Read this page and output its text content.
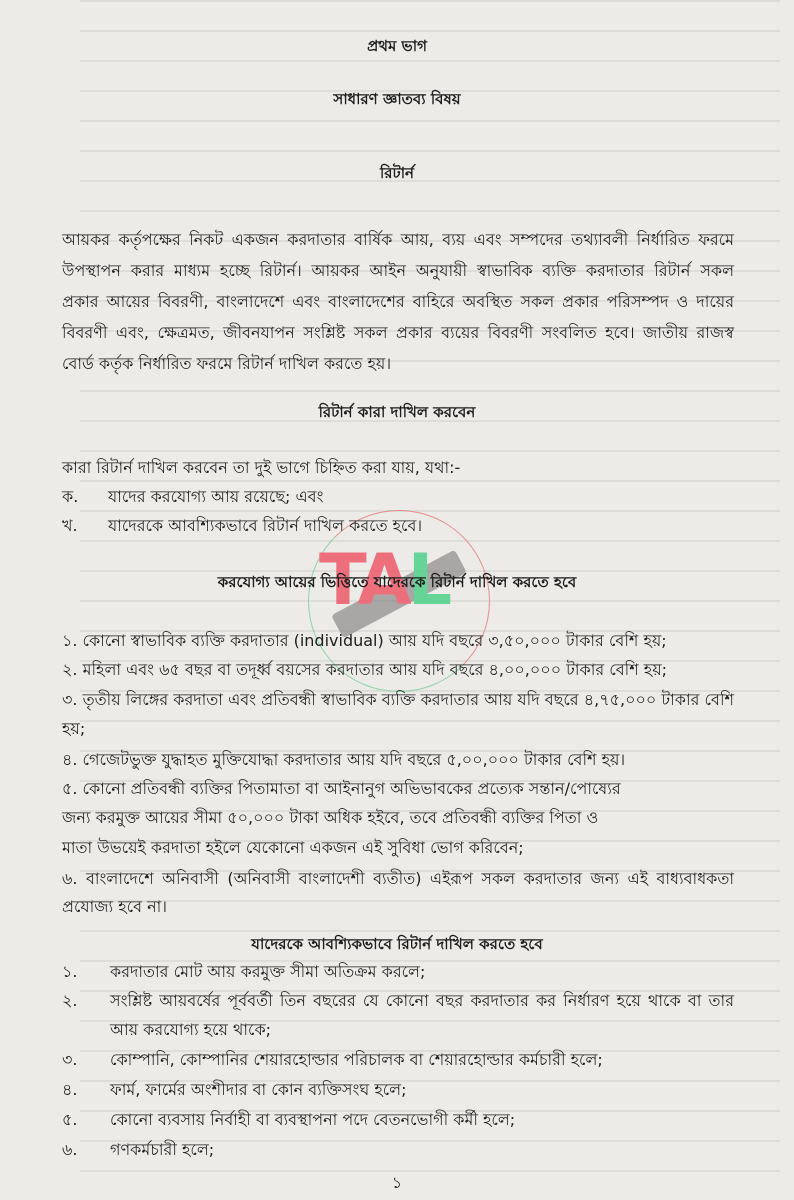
TAL
প্রথম ভাগ
সাধারণ জ্ঞাতব্য বিষয়
রিটার্ন
আয়কর কর্তৃপক্ষের নিকট একজন করদাতার বার্ষিক আয়, ব্যয় এবং সম্পদের তথ্যাবলী নির্ধারিত ফরমে
উপস্থাপন করার মাধ্যম হচ্ছে রিটার্ন। আয়কর আইন অনুযায়ী স্বাভাবিক ব্যক্তি করদাতার রিটার্ন সকল
প্রকার আয়ের বিবরণী, বাংলাদেশে এবং বাংলাদেশের বাহিরে অবস্থিত সকল প্রকার পরিসম্পদ ও দায়ের
বিবরণী এবং, ক্ষেত্রমত, জীবনযাপন সংশ্লিষ্ট সকল প্রকার ব্যয়ের বিবরণী সংবলিত হবে। জাতীয় রাজস্ব
বোর্ড কর্তৃক নির্ধারিত ফরমে রিটার্ন দাখিল করতে হয়।
রিটার্ন কারা দাখিল করবেন
কারা রিটার্ন দাখিল করবেন তা দুই ভাগে চিহ্নিত করা যায়, যথা:-
ক. যাদের করযোগ্য আয় রয়েছে; এবং
খ. যাদেরকে আবশ্যিকভাবে রিটার্ন দাখিল করতে হবে।
করযোগ্য আয়ের ভিত্তিতে যাদেরকে রিটার্ন দাখিল করতে হবে
১. কোনো স্বাভাবিক ব্যক্তি করদাতার (individual) আয় যদি বছরে ৩,৫০,০০০ টাকার বেশি হয়;
২. মহিলা এবং ৬৫ বছর বা তদূর্ধ্ব বয়সের করদাতার আয় যদি বছরে ৪,০০,০০০ টাকার বেশি হয়;
৩. তৃতীয় লিঙ্গের করদাতা এবং প্রতিবন্ধী স্বাভাবিক ব্যক্তি করদাতার আয় যদি বছরে ৪,৭৫,০০০ টাকার বেশি
হয়;
৪. গেজেটভুক্ত যুদ্ধাহত মুক্তিযোদ্ধা করদাতার আয় যদি বছরে ৫,০০,০০০ টাকার বেশি হয়।
৫. কোনো প্রতিবন্ধী ব্যক্তির পিতামাতা বা আইনানুগ অভিভাবকের প্রত্যেক সন্তান/পোষ্যের
জন্য করমুক্ত আয়ের সীমা ৫০,০০০ টাকা অধিক হইবে, তবে প্রতিবন্ধী ব্যক্তির পিতা ও
মাতা উভয়েই করদাতা হইলে যেকোনো একজন এই সুবিধা ভোগ করিবেন;
৬. বাংলাদেশে অনিবাসী (অনিবাসী বাংলাদেশী ব্যতীত) এইরূপ সকল করদাতার জন্য এই বাধ্যবাধকতা
প্রযোজ্য হবে না।
যাদেরকে আবশ্যিকভাবে রিটার্ন দাখিল করতে হবে
১. করদাতার মোট আয় করমুক্ত সীমা অতিক্রম করলে;
২. সংশ্লিষ্ট আয়বর্ষের পূর্ববর্তী তিন বছরের যে কোনো বছর করদাতার কর নির্ধারণ হয়ে থাকে বা তার
আয় করযোগ্য হয়ে থাকে;
৩. কোম্পানি, কোম্পানির শেয়ারহোল্ডার পরিচালক বা শেয়ারহোল্ডার কর্মচারী হলে;
৪. ফার্ম, ফার্মের অংশীদার বা কোন ব্যক্তিসংঘ হলে;
৫. কোনো ব্যবসায় নির্বাহী বা ব্যবস্থাপনা পদে বেতনভোগী কর্মী হলে;
৬. গণকর্মচারী হলে;
১
